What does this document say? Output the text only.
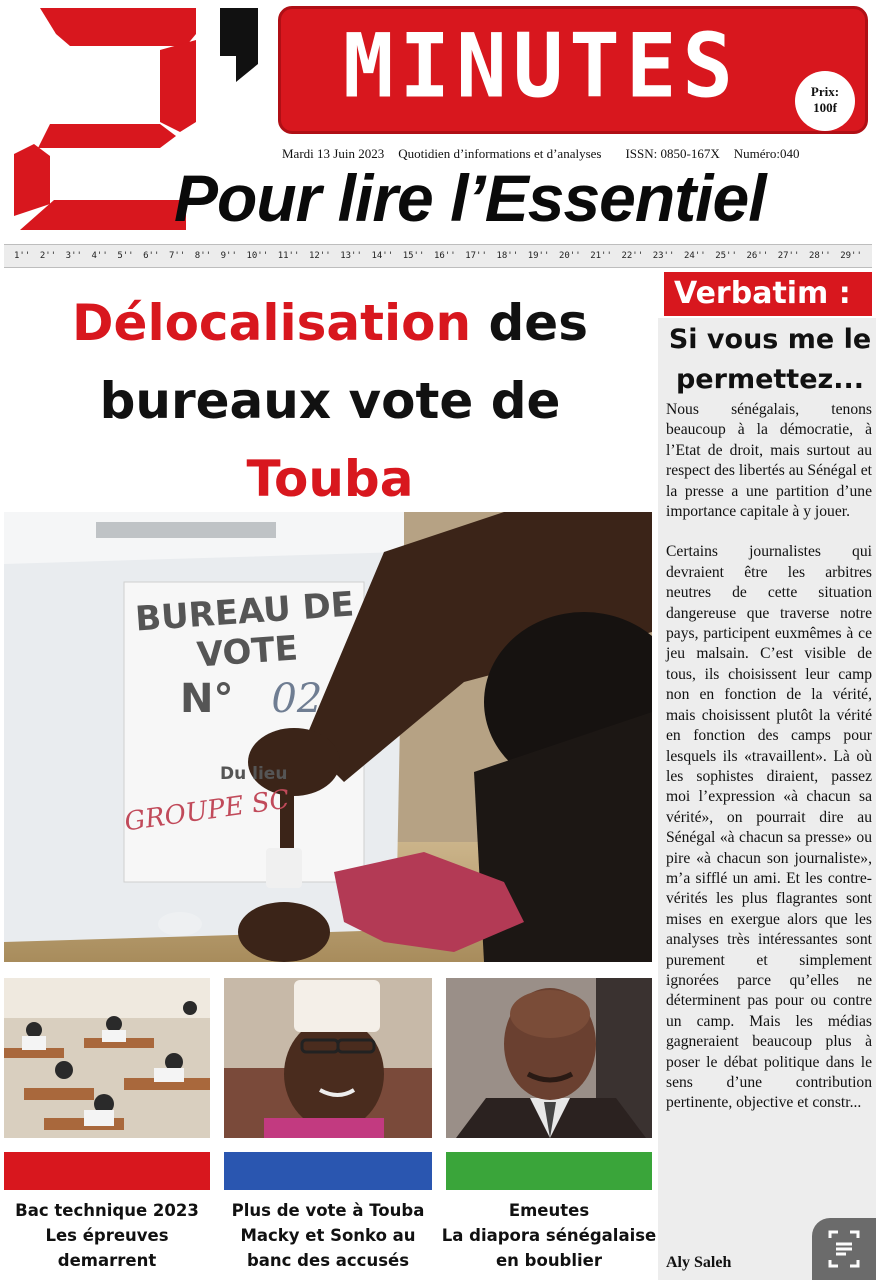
MINUTES	Prix:
100f
Mardi 13 Juin 2023 Quotidien d’informations et d’analyses ISSN: 0850-167X Numéro:040
Pour lire l’Essentiel
1'' 2'' 3'' 4'' 5'' 6'' 7'' 8'' 9'' 10'' 11'' 12'' 13'' 14'' 15'' 16'' 17'' 18'' 19'' 20'' 21'' 22'' 23'' 24'' 25'' 26'' 27'' 28'' 29''
Délocalisation des
bureaux vote de Touba
BUREAU DE VOTE
N° 02
Du lieu
GROUPE SC
Verbatim :
Si vous me le permettez...

Nous sénégalais, tenons beaucoup à la démocratie, à l’Etat de droit, mais surtout au respect des libertés au Sénégal et la presse a une partition d’une importance capitale à y jouer.

Certains journalistes qui devraient être les arbitres neutres de cette situation dangereuse que traverse notre pays, participent euxmêmes à ce jeu malsain. C’est visible de tous, ils choisissent leur camp non en fonction de la vérité, mais choisissent plutôt la vérité en fonction des camps pour lesquels ils «travaillent». Là où les sophistes diraient, passez moi l’expression «à chacun sa vérité», on pourrait dire au Sénégal «à chacun sa presse» ou pire «à chacun son journaliste», m’a sifflé un ami. Et les contre-vérités les plus flagrantes sont mises en exergue alors que les analyses très intéressantes sont purement et simplement ignorées parce qu’elles ne déterminent pas pour ou contre un camp. Mais les médias gagneraient beaucoup plus à poser le débat politique dans le sens d’une contribution pertinente, objective et constr...

Aly Saleh
Bac technique 2023
Les épreuves
demarrent
Plus de vote à Touba
Macky et Sonko au
banc des accusés
Emeutes
La diapora sénégalaise
en boublier
